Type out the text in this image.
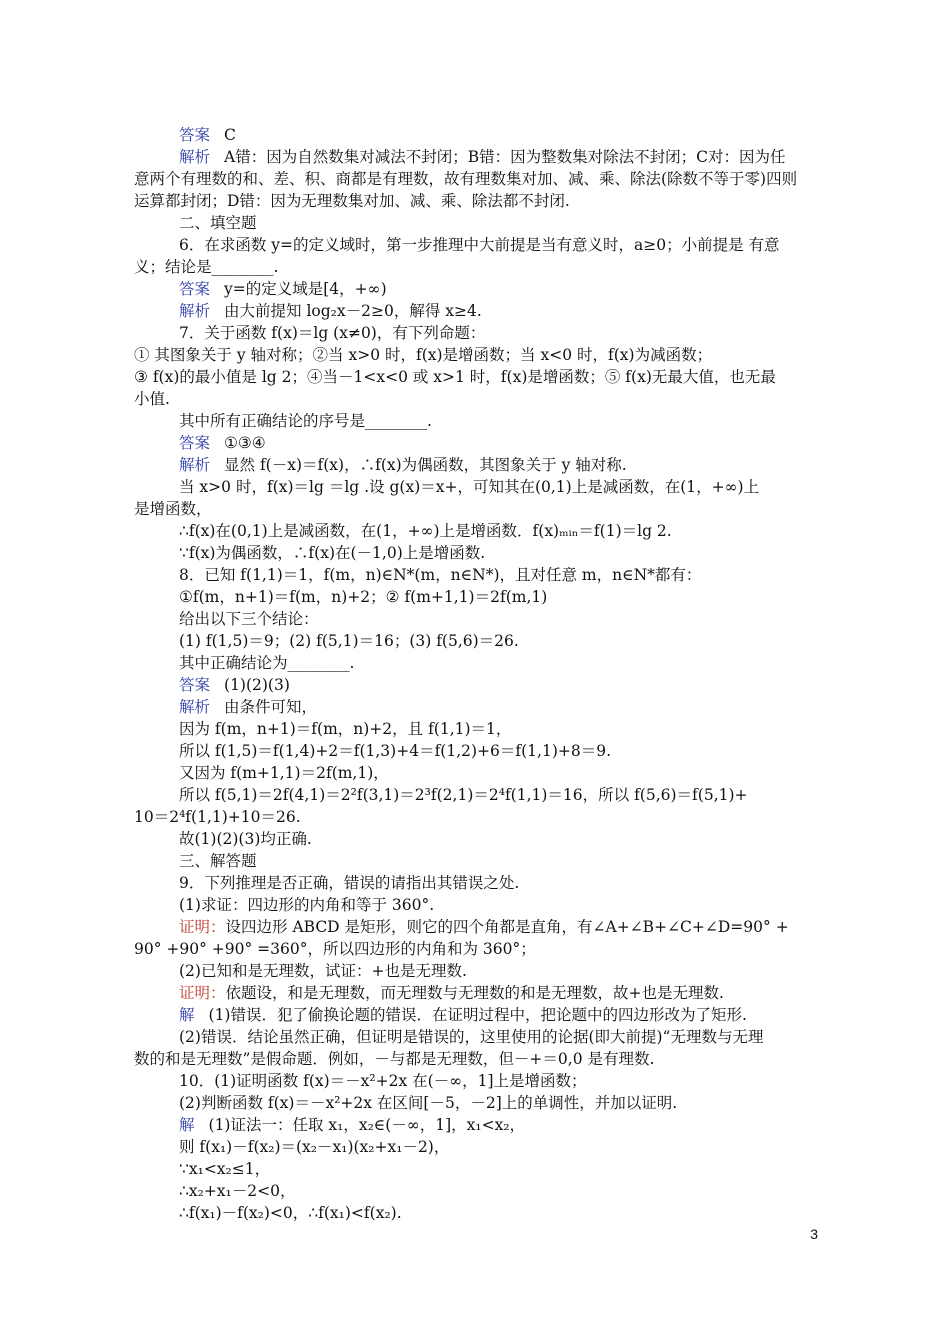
答案 C
解析 A错：因为自然数集对减法不封闭；B错：因为整数集对除法不封闭；C对：因为任
意两个有理数的和、差、积、商都是有理数，故有理数集对加、减、乘、除法(除数不等于零)四则
运算都封闭；D错：因为无理数集对加、减、乘、除法都不封闭.
二、填空题
6．在求函数 y=的定义域时，第一步推理中大前提是当有意义时，a≥0；小前提是 有意
义；结论是________.
答案 y=的定义域是[4，+∞)
解析 由大前提知 log₂x－2≥0，解得 x≥4.
7．关于函数 f(x)＝lg (x≠0)，有下列命题：
① 其图象关于 y 轴对称；②当 x>0 时，f(x)是增函数；当 x<0 时，f(x)为减函数；
③ f(x)的最小值是 lg 2；④当－1<x<0 或 x>1 时，f(x)是增函数；⑤ f(x)无最大值，也无最
小值.
其中所有正确结论的序号是________.
答案 ①③④
解析 显然 f(－x)＝f(x)，∴f(x)为偶函数，其图象关于 y 轴对称.
当 x>0 时，f(x)＝lg ＝lg .设 g(x)＝x+，可知其在(0,1)上是减函数，在(1，+∞)上
是增函数，
∴f(x)在(0,1)上是减函数，在(1，+∞)上是增函数．f(x)ₘᵢₙ＝f(1)＝lg 2.
∵f(x)为偶函数，∴f(x)在(－1,0)上是增函数.
8．已知 f(1,1)＝1，f(m，n)∈N*(m，n∈N*)，且对任意 m，n∈N*都有：
①f(m，n+1)＝f(m，n)+2；② f(m+1,1)＝2f(m,1)
给出以下三个结论：
(1) f(1,5)＝9；(2) f(5,1)＝16；(3) f(5,6)＝26.
其中正确结论为________.
答案 (1)(2)(3)
解析 由条件可知，
因为 f(m，n+1)＝f(m，n)+2，且 f(1,1)＝1，
所以 f(1,5)＝f(1,4)+2＝f(1,3)+4＝f(1,2)+6＝f(1,1)+8＝9.
又因为 f(m+1,1)＝2f(m,1)，
所以 f(5,1)＝2f(4,1)＝2²f(3,1)＝2³f(2,1)＝2⁴f(1,1)＝16，所以 f(5,6)＝f(5,1)+
10＝2⁴f(1,1)+10＝26.
故(1)(2)(3)均正确.
三、解答题
9．下列推理是否正确，错误的请指出其错误之处.
(1)求证：四边形的内角和等于 360°.
证明：设四边形 ABCD 是矩形，则它的四个角都是直角，有∠A+∠B+∠C+∠D=90° +
90° +90° +90° =360°，所以四边形的内角和为 360°；
(2)已知和是无理数，试证：+也是无理数.
证明：依题设，和是无理数，而无理数与无理数的和是无理数，故+也是无理数.
解 (1)错误．犯了偷换论题的错误．在证明过程中，把论题中的四边形改为了矩形.
(2)错误．结论虽然正确，但证明是错误的，这里使用的论据(即大前提)“无理数与无理
数的和是无理数”是假命题．例如，－与都是无理数，但－+＝0,0 是有理数.
10．(1)证明函数 f(x)＝－x²+2x 在(－∞，1]上是增函数；
(2)判断函数 f(x)＝－x²+2x 在区间[－5，－2]上的单调性，并加以证明.
解 (1)证法一：任取 x₁，x₂∈(－∞，1]，x₁<x₂，
则 f(x₁)－f(x₂)＝(x₂－x₁)(x₂+x₁－2)，
∵x₁<x₂≤1，
∴x₂+x₁－2<0，
∴f(x₁)－f(x₂)<0，∴f(x₁)<f(x₂).
3
